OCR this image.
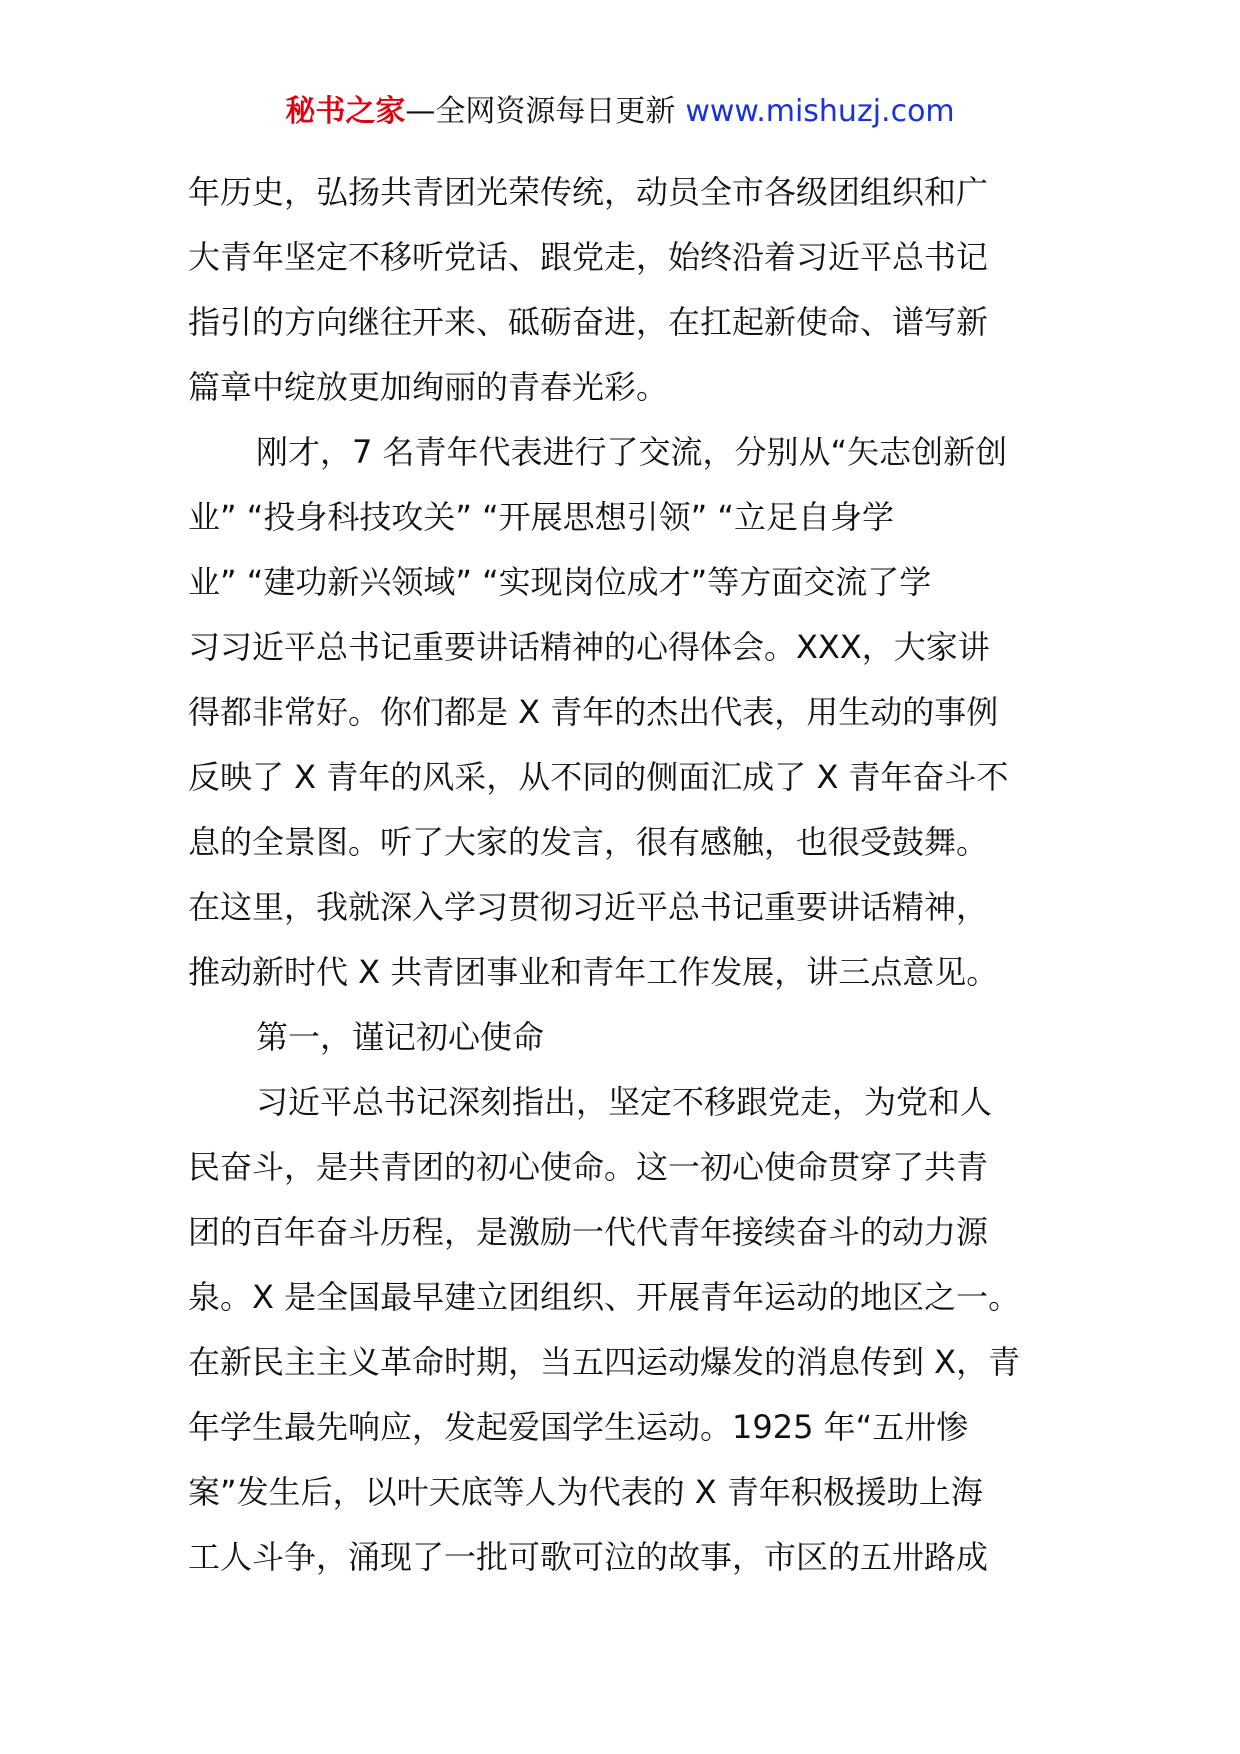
秘书之家—全网资源每日更新 www.mishuzj.com
年历史，弘扬共青团光荣传统，动员全市各级团组织和广
大青年坚定不移听党话、跟党走，始终沿着习近平总书记
指引的方向继往开来、砥砺奋进，在扛起新使命、谱写新
篇章中绽放更加绚丽的青春光彩。
刚才，7 名青年代表进行了交流，分别从“矢志创新创
业” “投身科技攻关” “开展思想引领” “立足自身学
业” “建功新兴领域” “实现岗位成才”等方面交流了学
习习近平总书记重要讲话精神的心得体会。XXX，大家讲
得都非常好。你们都是 X 青年的杰出代表，用生动的事例
反映了 X 青年的风采，从不同的侧面汇成了 X 青年奋斗不
息的全景图。听了大家的发言，很有感触，也很受鼓舞。
在这里，我就深入学习贯彻习近平总书记重要讲话精神，
推动新时代 X 共青团事业和青年工作发展，讲三点意见。
第一，谨记初心使命
习近平总书记深刻指出，坚定不移跟党走，为党和人
民奋斗，是共青团的初心使命。这一初心使命贯穿了共青
团的百年奋斗历程，是激励一代代青年接续奋斗的动力源
泉。X 是全国最早建立团组织、开展青年运动的地区之一。
在新民主主义革命时期，当五四运动爆发的消息传到 X，青
年学生最先响应，发起爱国学生运动。1925 年“五卅惨
案”发生后，以叶天底等人为代表的 X 青年积极援助上海
工人斗争，涌现了一批可歌可泣的故事，市区的五卅路成
